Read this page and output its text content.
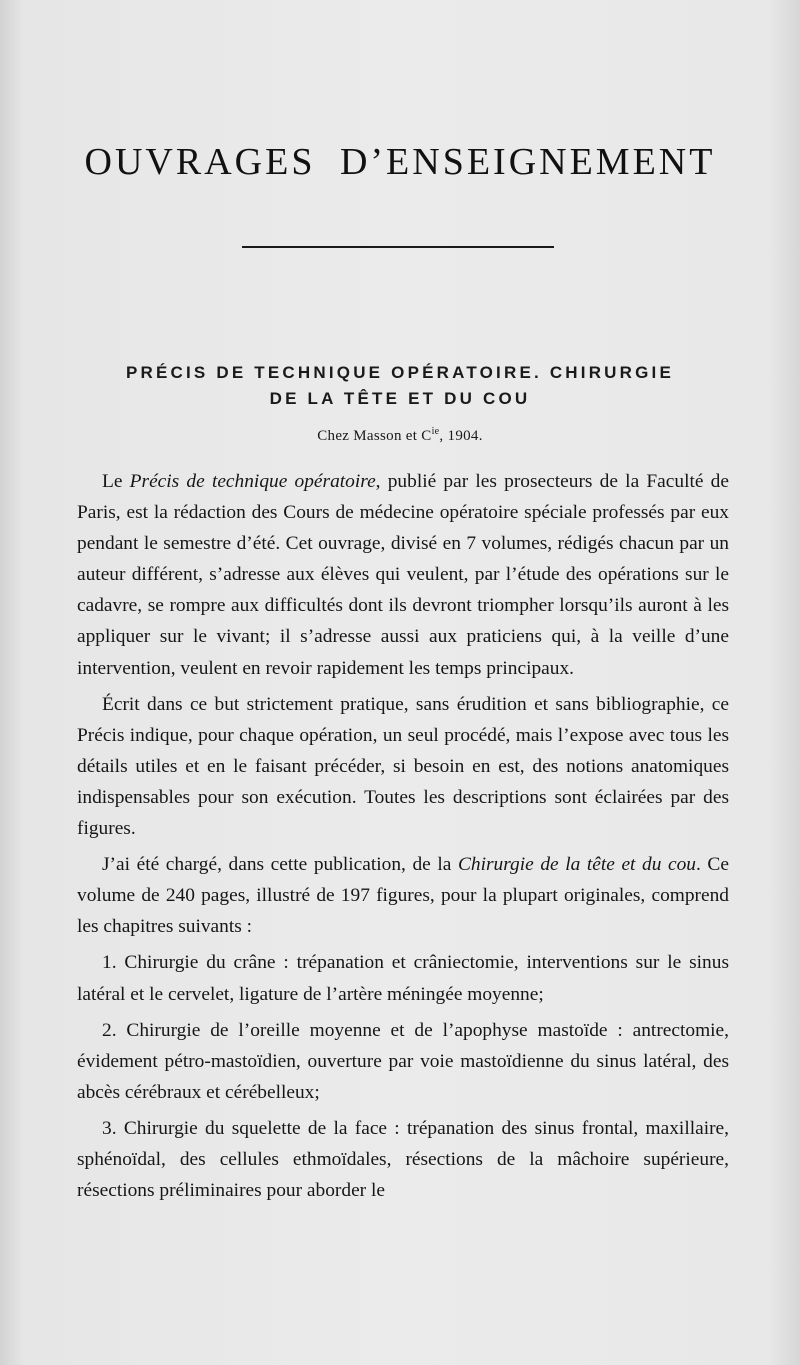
OUVRAGES D’ENSEIGNEMENT
PRÉCIS DE TECHNIQUE OPÉRATOIRE. CHIRURGIE
DE LA TÊTE ET DU COU
Chez Masson et $C^{ie}$, 1904.

Le Précis de technique opératoire, publié par les prosecteurs de la Faculté de Paris, est la rédaction des Cours de médecine opératoire spéciale professés par eux pendant le semestre d’été. Cet ouvrage, divisé en 7 volumes, rédigés chacun par un auteur différent, s’adresse aux élèves qui veulent, par l’étude des opérations sur le cadavre, se rompre aux difficultés dont ils devront triompher lorsqu’ils auront à les appliquer sur le vivant; il s’adresse aussi aux praticiens qui, à la veille d’une intervention, veulent en revoir rapidement les temps principaux.

Écrit dans ce but strictement pratique, sans érudition et sans bibliographie, ce Précis indique, pour chaque opération, un seul procédé, mais l’expose avec tous les détails utiles et en le faisant précéder, si besoin en est, des notions anatomiques indispensables pour son exécution. Toutes les descriptions sont éclairées par des figures.

J’ai été chargé, dans cette publication, de la Chirurgie de la tête et du cou. Ce volume de 240 pages, illustré de 197 figures, pour la plupart originales, comprend les chapitres suivants :

1. Chirurgie du crâne : trépanation et crâniectomie, interventions sur le sinus latéral et le cervelet, ligature de l’artère méningée moyenne;

2. Chirurgie de l’oreille moyenne et de l’apophyse mastoïde : antrectomie, évidement pétro-mastoïdien, ouverture par voie mastoïdienne du sinus latéral, des abcès cérébraux et cérébelleux;

3. Chirurgie du squelette de la face : trépanation des sinus frontal, maxillaire, sphénoïdal, des cellules ethmoïdales, résections de la mâchoire supérieure, résections préliminaires pour aborder le
